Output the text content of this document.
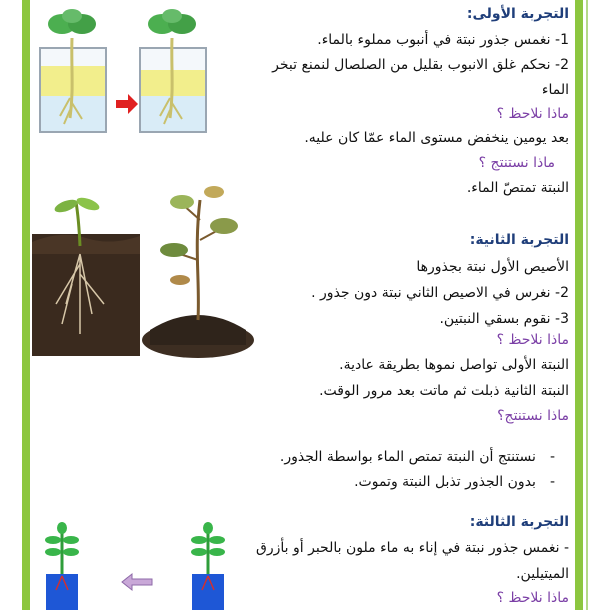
التجربة الأولى:
1- نغمس جذور نبتة في أنبوب مملوء بالماء.
2- نحكم غلق الانبوب بقليل من الصلصال لنمنع تبخر
الماء
ماذا نلاحظ ؟
بعد يومين ينخفض مستوى الماء عمّا كان عليه.
ماذا نستنتج ؟
النبتة تمتصّ الماء.
التجربة الثانية:
الأصيص الأول نبتة بجذورها
2- نغرس في الاصيص الثاني نبتة دون جذور .
3- نقوم بسقي النبتين.
ماذا نلاحظ ؟
النبتة الأولى تواصل نموها بطريقة عادية.
النبتة الثانية ذبلت ثم ماتت بعد مرور الوقت.
ماذا نستنتج؟
-نستنتج أن النبتة تمتص الماء بواسطة الجذور.
-بدون الجذور تذبل النبتة وتموت.
التجربة الثالثة:
- نغمس جذور نبتة في إناء به ماء ملون بالحبر أو بأزرق
الميتيلين.
ماذا نلاحظ ؟
